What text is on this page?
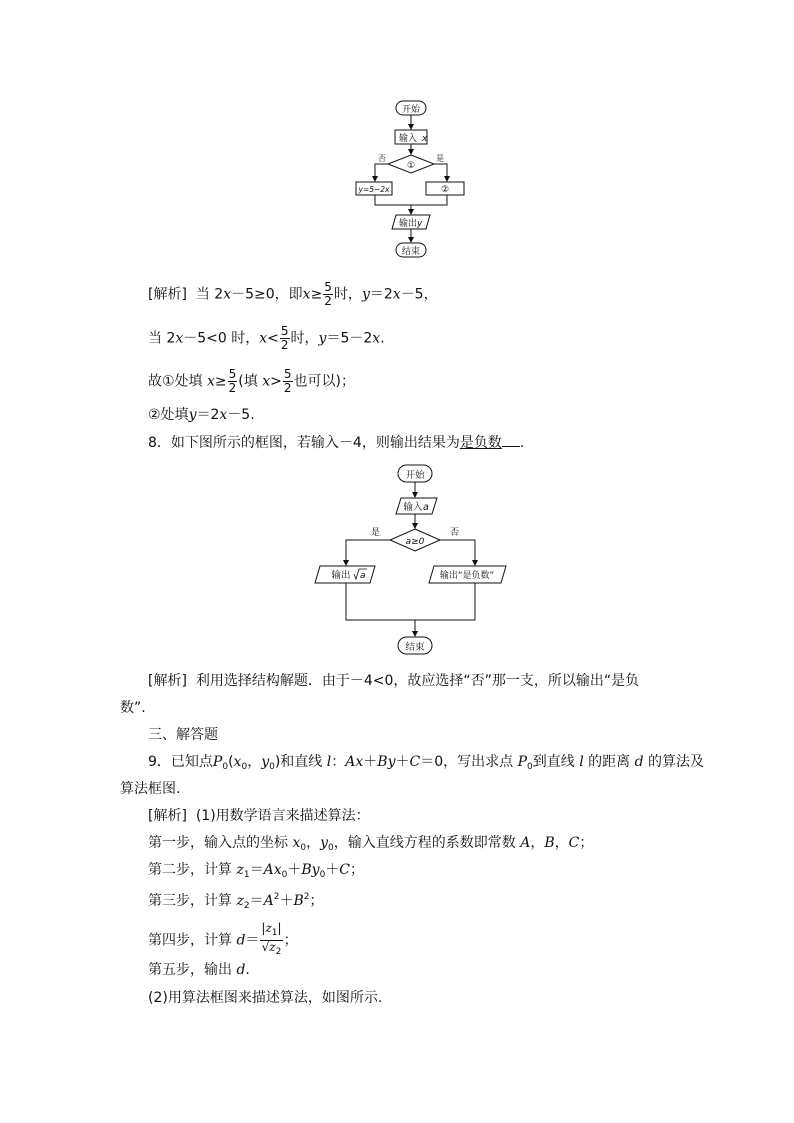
开始
输入 x
①
否	是
y=5−2x	②
输出 y
结束
[解析] 当 2x－5≥0，即$x\ge \frac{5}{2}$ 时，y＝2x－5，
当 2x－5<0 时，$x< \frac{5}{2}$ 时，y＝5－2x.
故①处填 $x\ge \frac{5}{2}$ (填 $x> \frac{5}{2}$ 也可以)；
②处填y＝2x－5.
8．如下图所示的框图，若输入－4，则输出结果为是负数 .
开始
输入 a
a≥0
是	否
输出 a	输出“是负数”
结束
[解析] 利用选择结构解题．由于－4<0，故应选择“否”那一支，所以输出“是负
数”.
三、解答题
9．已知点$P_0(x_0$，$y_0$)和直线 l：Ax＋By＋C＝0，写出求点 $P_0$到直线 l 的距离 d 的算法及
算法框图.
[解析] (1)用数学语言来描述算法：
第一步，输入点的坐标 $x_0$，$y_0$，输入直线方程的系数即常数 A，B，C；
第二步，计算 $z_1=Ax_0+By_0+C$；
第三步，计算 $z_2=A^2+B^2$；
第四步，计算 $d= \frac{|z_1|}{√z_2}$ ；
第五步，输出 d.
(2)用算法框图来描述算法，如图所示.
